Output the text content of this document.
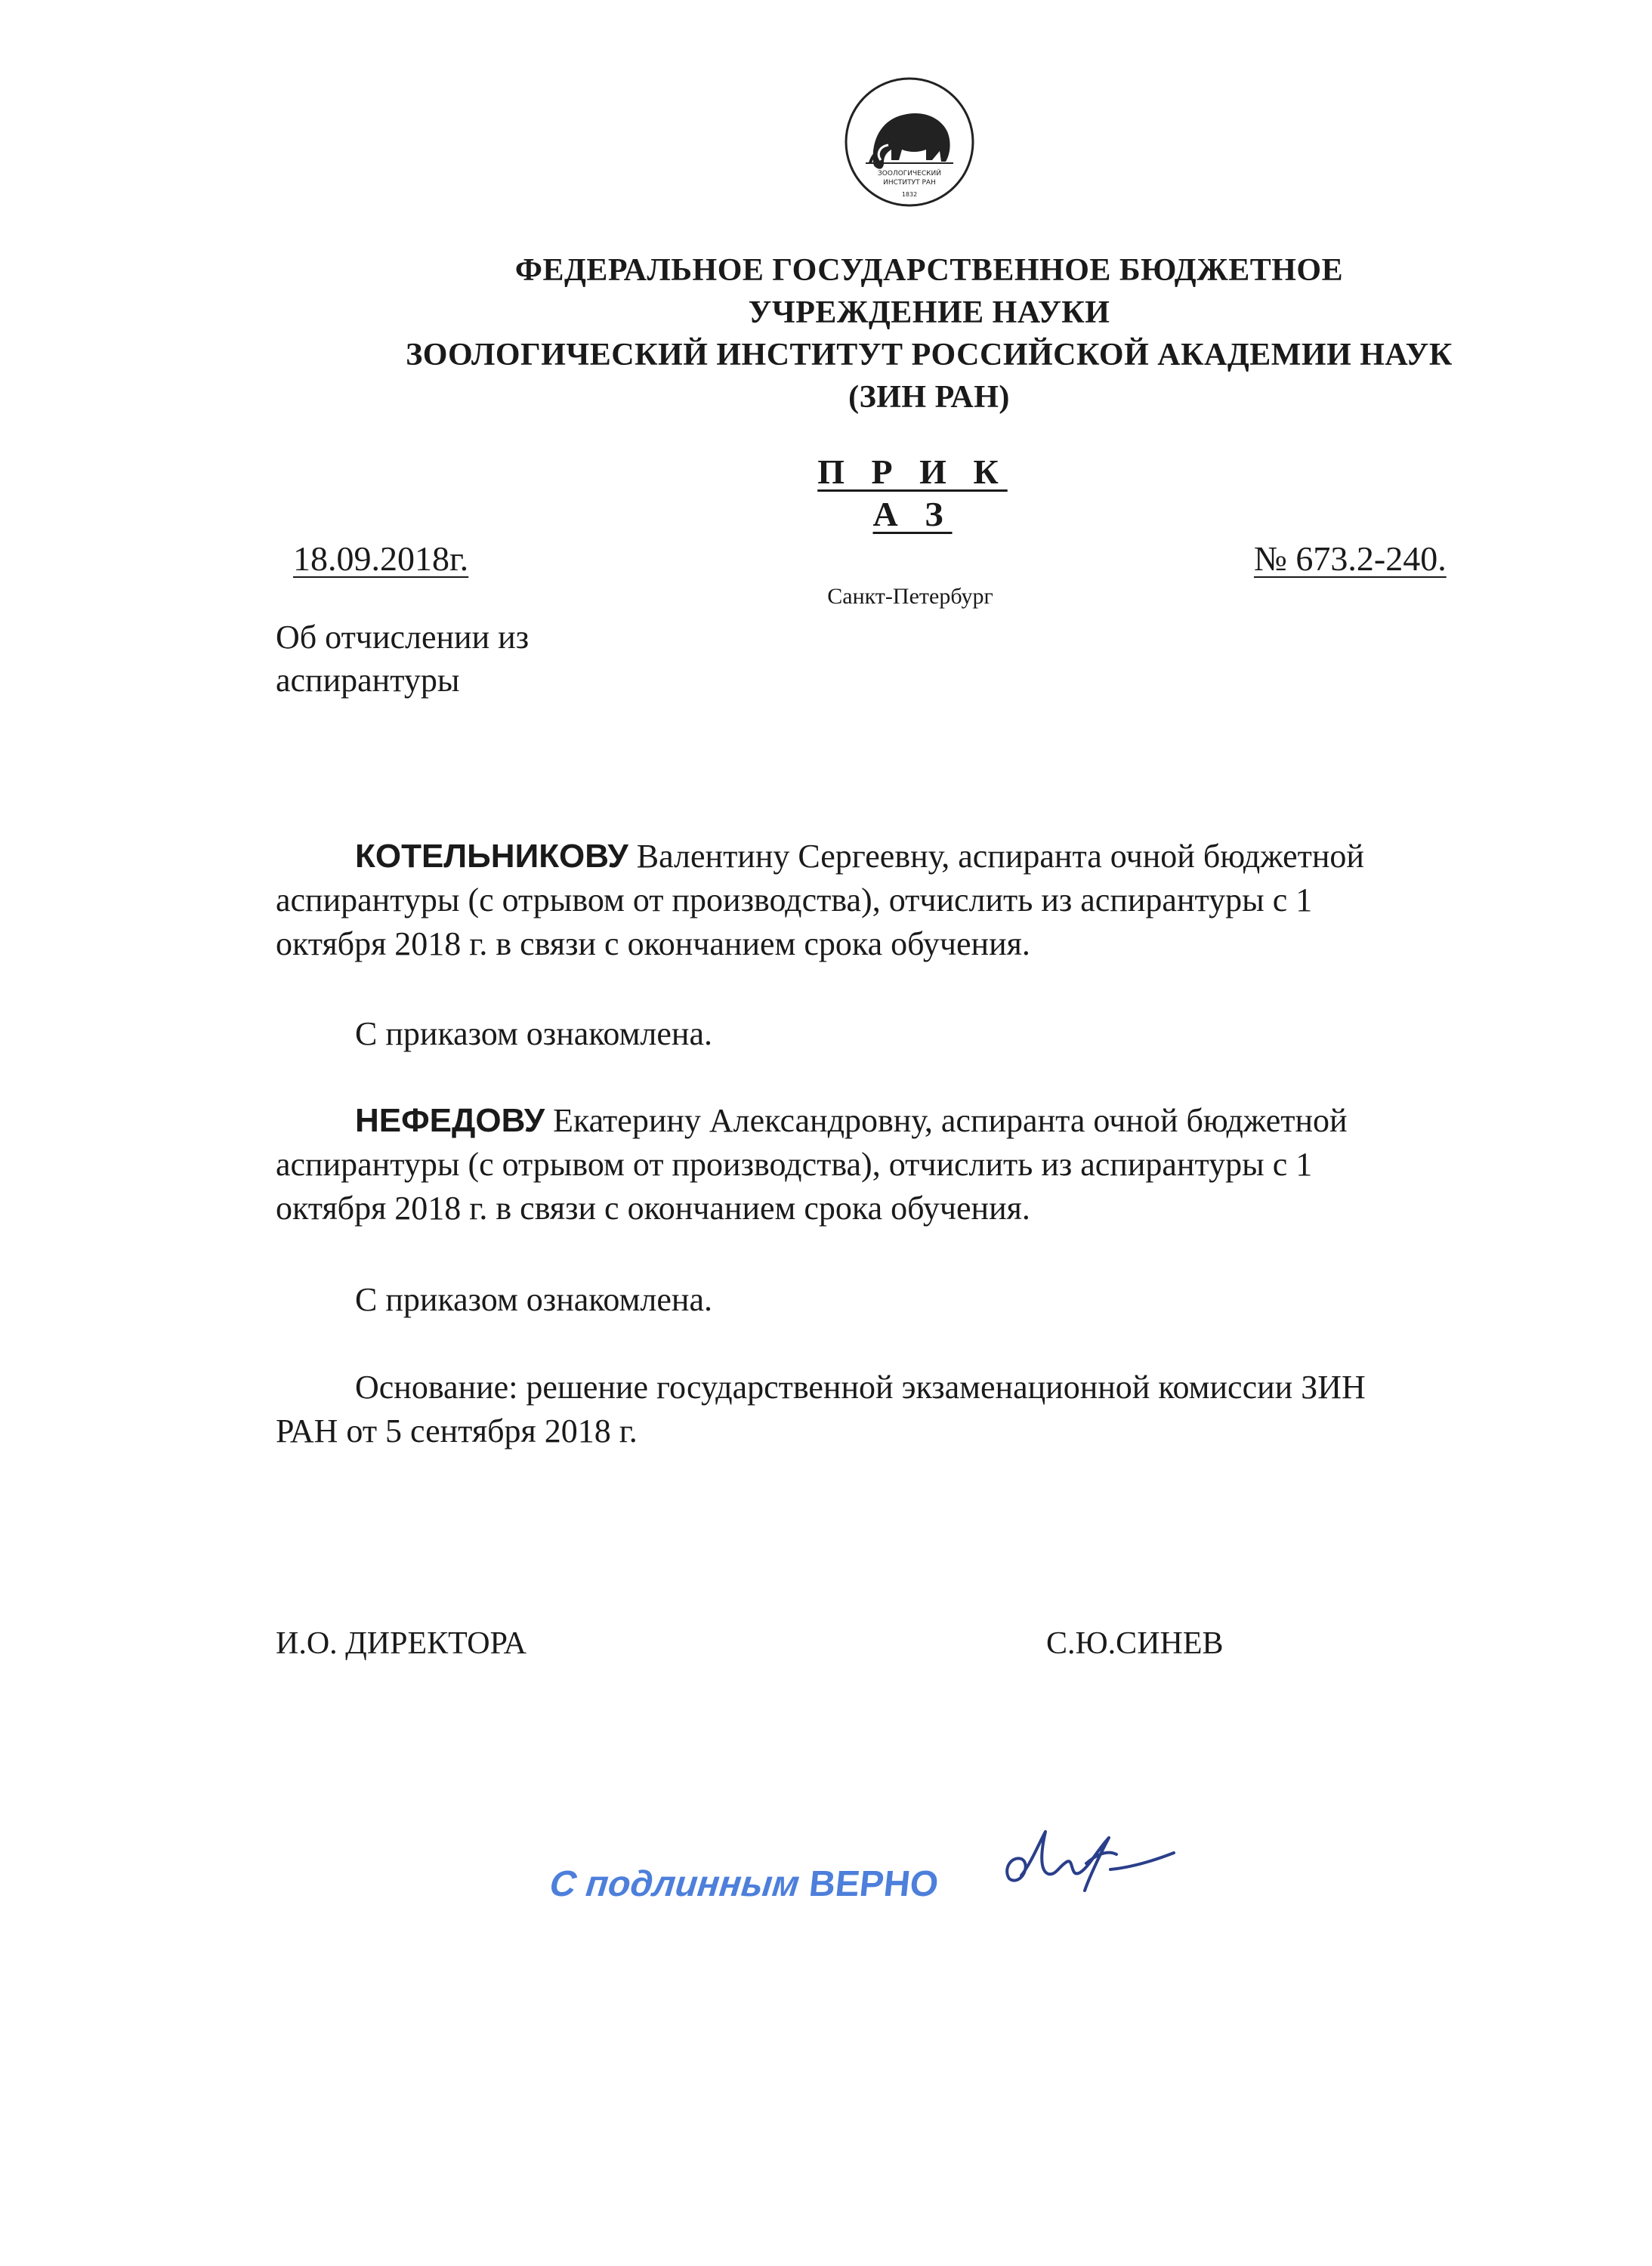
ЗООЛОГИЧЕСКИЙ
ИНСТИТУТ РАН
1832
ФЕДЕРАЛЬНОЕ ГОСУДАРСТВЕННОЕ БЮДЖЕТНОЕ
УЧРЕЖДЕНИЕ НАУКИ
ЗООЛОГИЧЕСКИЙ ИНСТИТУТ РОССИЙСКОЙ АКАДЕМИИ НАУК
(ЗИН РАН)
П Р И К А З
18.09.2018г.
Санкт-Петербург
№ 673.2-240.
Об отчислении из
аспирантуры
КОТЕЛЬНИКОВУ Валентину Сергеевну, аспиранта очной бюджетной
аспирантуры (с отрывом от производства), отчислить из аспирантуры с 1
октября 2018 г. в связи с окончанием срока обучения.
С приказом ознакомлена.
НЕФЕДОВУ Екатерину Александровну, аспиранта очной бюджетной
аспирантуры (с отрывом от производства), отчислить из аспирантуры с 1
октября 2018 г. в связи с окончанием срока обучения.
С приказом ознакомлена.
Основание: решение государственной экзаменационной комиссии ЗИН
РАН от 5 сентября 2018 г.
И.О. ДИРЕКТОРА	С.Ю.СИНЕВ
С подлинным ВЕРНО
